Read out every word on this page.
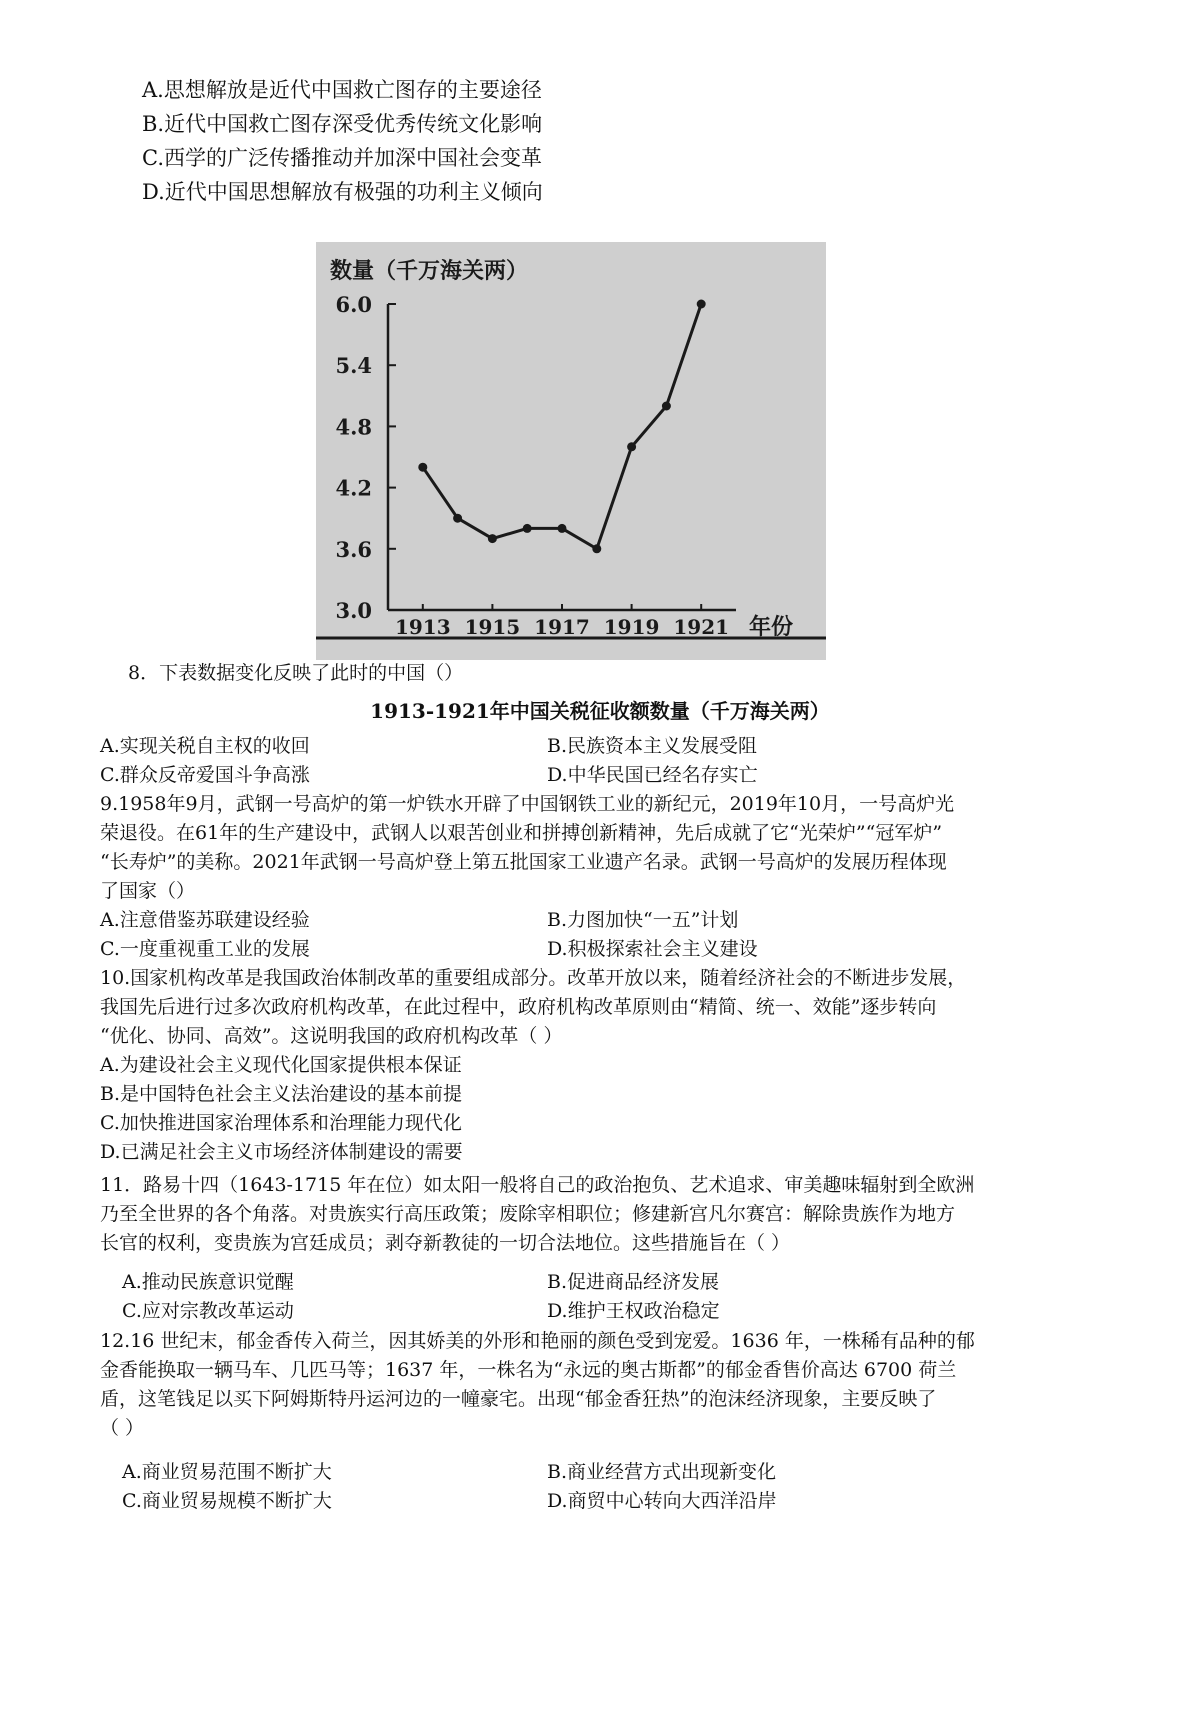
A.思想解放是近代中国救亡图存的主要途径
B.近代中国救亡图存深受优秀传统文化影响
C.西学的广泛传播推动并加深中国社会变革
D.近代中国思想解放有极强的功利主义倾向
数量（千万海关两）
6.0
5.4
4.8
4.2
3.6
3.0
1913 1915 1917 1919 1921 年份
8．下表数据变化反映了此时的中国（）
1913-1921年中国关税征收额数量（千万海关两）
A.实现关税自主权的收回	B.民族资本主义发展受阻
C.群众反帝爱国斗争高涨	D.中华民国已经名存实亡
9.1958年9月，武钢一号高炉的第一炉铁水开辟了中国钢铁工业的新纪元，2019年10月，一号高炉光
荣退役。在61年的生产建设中，武钢人以艰苦创业和拼搏创新精神，先后成就了它“光荣炉”“冠军炉”
“长寿炉”的美称。2021年武钢一号高炉登上第五批国家工业遗产名录。武钢一号高炉的发展历程体现
了国家（）
A.注意借鉴苏联建设经验	B.力图加快“一五”计划
C.一度重视重工业的发展	D.积极探索社会主义建设
10.国家机构改革是我国政治体制改革的重要组成部分。改革开放以来，随着经济社会的不断进步发展，
我国先后进行过多次政府机构改革，在此过程中，政府机构改革原则由“精简、统一、效能”逐步转向
“优化、协同、高效”。这说明我国的政府机构改革（ ）
A.为建设社会主义现代化国家提供根本保证
B.是中国特色社会主义法治建设的基本前提
C.加快推进国家治理体系和治理能力现代化
D.已满足社会主义市场经济体制建设的需要
11．路易十四（1643-1715 年在位）如太阳一般将自己的政治抱负、艺术追求、审美趣味辐射到全欧洲
乃至全世界的各个角落。对贵族实行高压政策；废除宰相职位；修建新宫凡尔赛宫：解除贵族作为地方
长官的权利，变贵族为宫廷成员；剥夺新教徒的一切合法地位。这些措施旨在（ ）
A.推动民族意识觉醒	B.促进商品经济发展
C.应对宗教改革运动	D.维护王权政治稳定
12.16 世纪末，郁金香传入荷兰，因其娇美的外形和艳丽的颜色受到宠爱。1636 年，一株稀有品种的郁
金香能换取一辆马车、几匹马等；1637 年，一株名为“永远的奥古斯都”的郁金香售价高达 6700 荷兰
盾，这笔钱足以买下阿姆斯特丹运河边的一幢豪宅。出现“郁金香狂热”的泡沫经济现象，主要反映了
（ ）
A.商业贸易范围不断扩大	B.商业经营方式出现新变化
C.商业贸易规模不断扩大	D.商贸中心转向大西洋沿岸
